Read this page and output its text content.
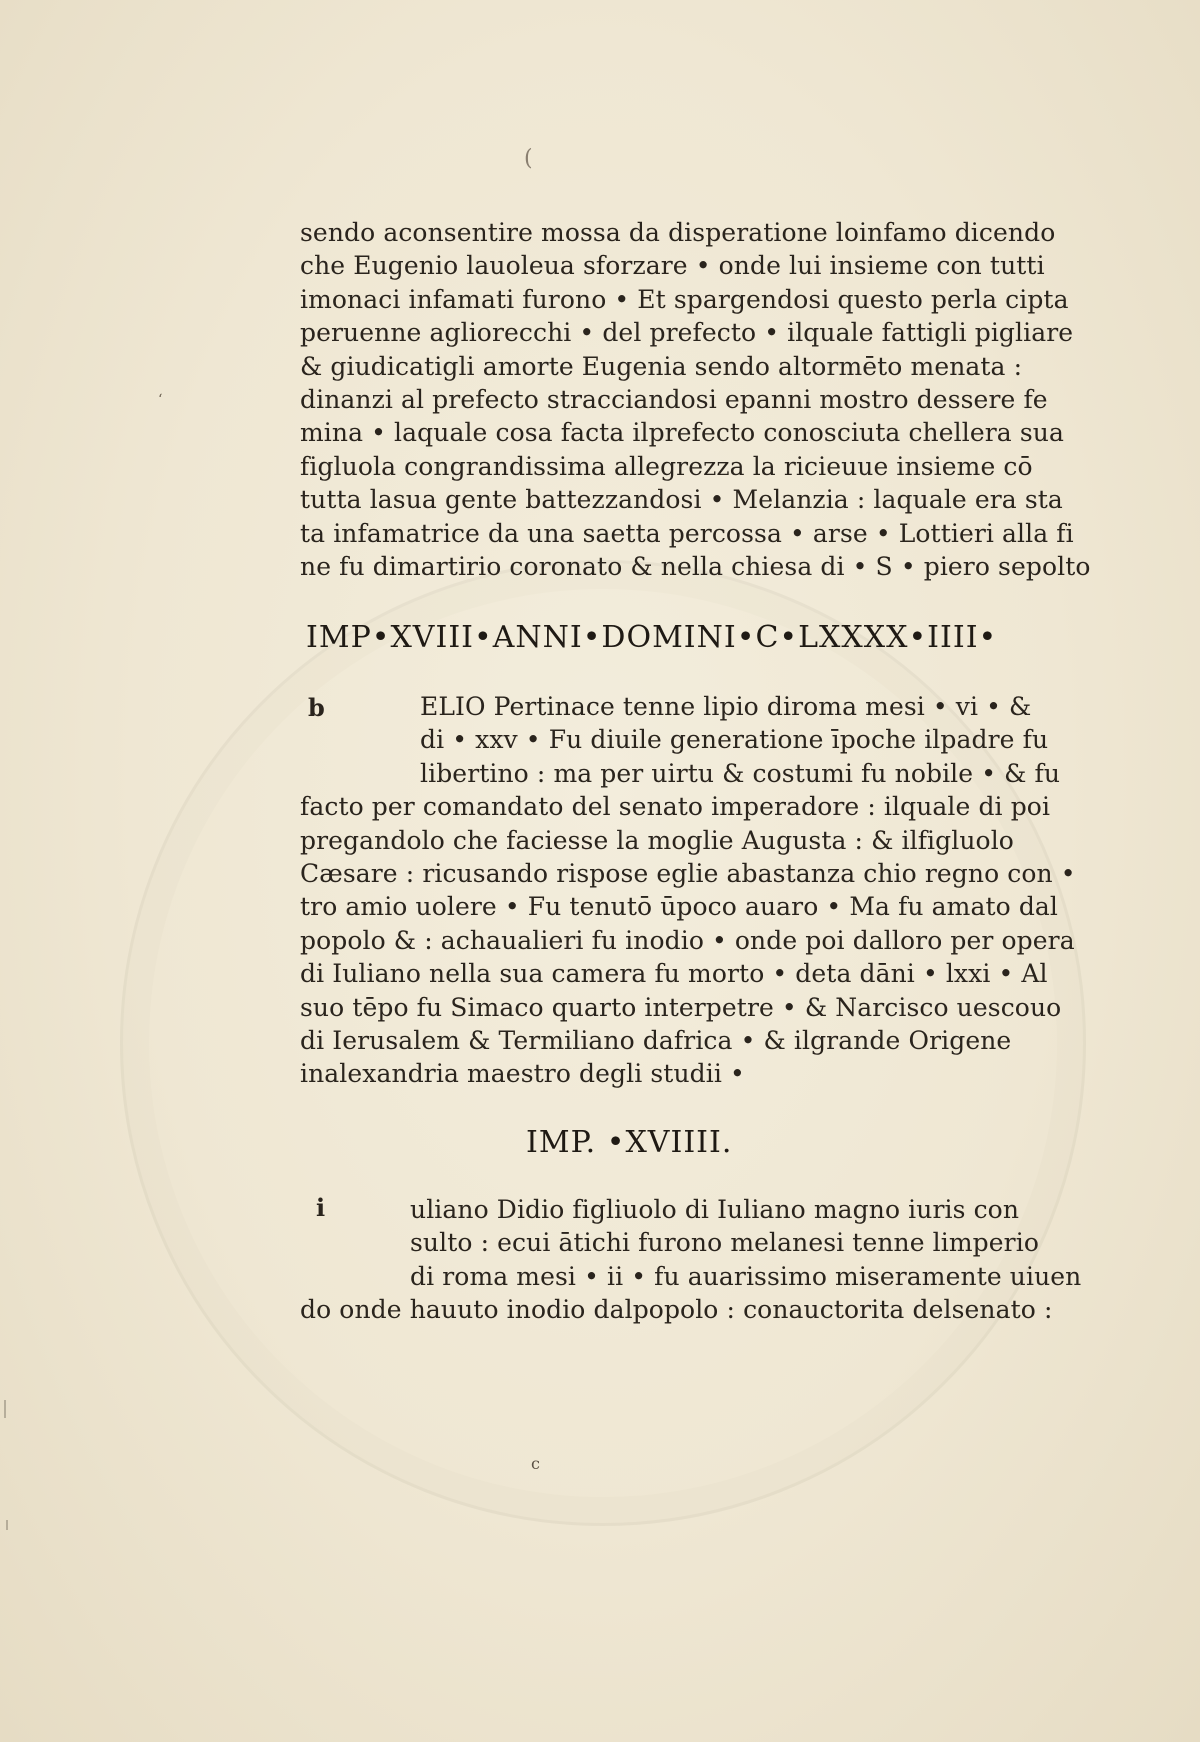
(
‘
sendo aconsentire mossa da disperatione loinfamo dicendo
che Eugenio lauoleua sforzare • onde lui insieme con tutti
imonaci infamati furono • Et spargendosi questo perla cipta
peruenne agliorecchi • del prefecto • ilquale fattigli pigliare
& giudicatigli amorte Eugenia sendo altormēto menata :
dinanzi al prefecto stracciandosi epanni mostro dessere fe
mina • laquale cosa facta ilprefecto conosciuta chellera sua
figluola congrandissima allegrezza la ricieuue insieme cō
tutta lasua gente battezzandosi • Melanzia : laquale era sta
ta infamatrice da una saetta percossa • arse • Lottieri alla fi
ne fu dimartirio coronato & nella chiesa di • S • piero sepolto
IMP•XVIII•ANNI•DOMINI•C•LXXXX•IIII•
b	ELIO Pertinace tenne lipio diroma mesi • vi • &
di • xxv • Fu diuile generatione īpoche ilpadre fu
libertino : ma per uirtu & costumi fu nobile • & fu
facto per comandato del senato imperadore : ilquale di poi
pregandolo che faciesse la moglie Augusta : & ilfigluolo
Cæsare : ricusando rispose eglie abastanza chio regno con •
tro amio uolere • Fu tenutō ūpoco auaro • Ma fu amato dal
popolo & : achaualieri fu inodio • onde poi dalloro per opera
di Iuliano nella sua camera fu morto • deta dāni • lxxi • Al
suo tēpo fu Simaco quarto interpetre • & Narcisco uescouo
di Ierusalem & Termiliano dafrica • & ilgrande Origene
inalexandria maestro degli studii •
IMP. •XVIIII.
i	uliano Didio figliuolo di Iuliano magno iuris con
sulto : ecui ātichi furono melanesi tenne limperio
di roma mesi • ii • fu auarissimo miseramente uiuen
do onde hauuto inodio dalpopolo : conauctorita delsenato :
c
